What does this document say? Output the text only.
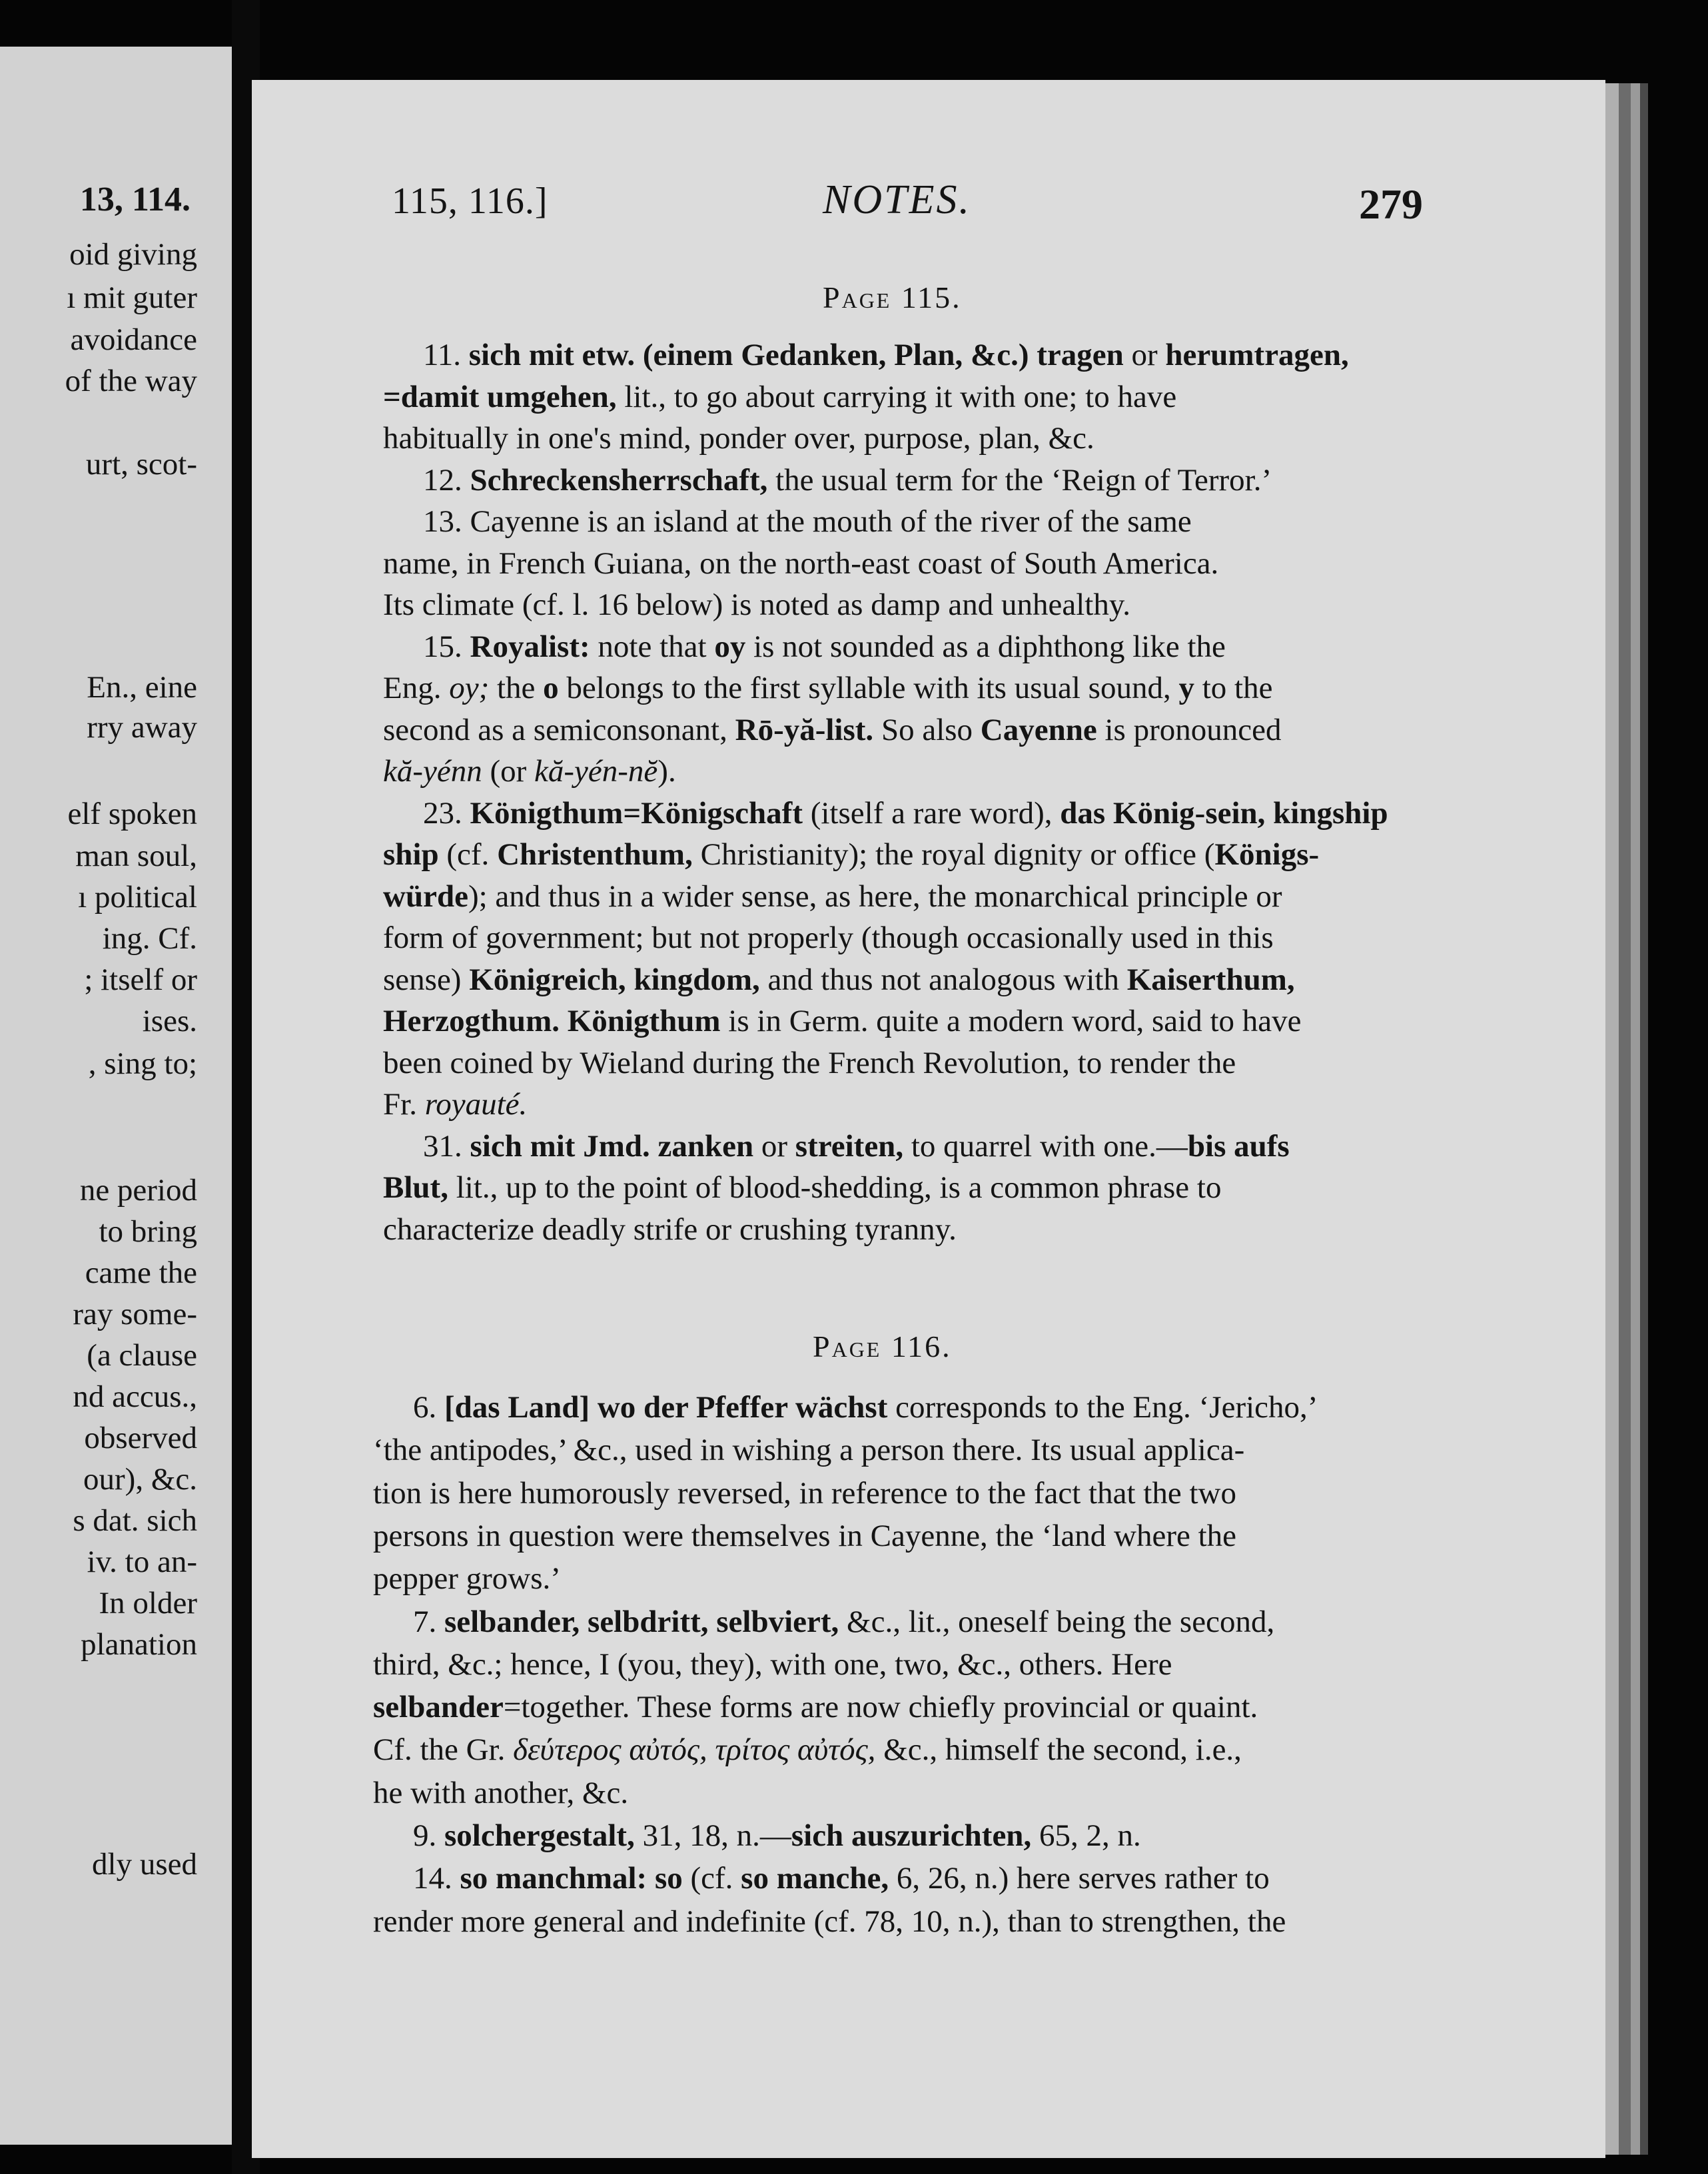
13, 114.
oid giving
ı mit guter
avoidance
of the way
urt, scot-
En., eine
rry away
elf spoken
man soul,
ı political
ing. Cf.
; itself or
ises.
, sing to;
ne period
to bring
came the
ray some-
(a clause
nd accus.,
observed
our), &c.
s dat. sich
iv. to an-
In older
planation
dly used
115, 116.]	NOTES.	279
Page 115.
11. sich mit etw. (einem Gedanken, Plan, &c.) tragen or herumtragen,
=damit umgehen, lit., to go about carrying it with one; to have
habitually in one's mind, ponder over, purpose, plan, &c.
12. Schreckensherrschaft, the usual term for the ‘Reign of Terror.’
13. Cayenne is an island at the mouth of the river of the same
name, in French Guiana, on the north-east coast of South America.
Its climate (cf. l. 16 below) is noted as damp and unhealthy.
15. Royalist: note that oy is not sounded as a diphthong like the
Eng. oy; the o belongs to the first syllable with its usual sound, y to the
second as a semiconsonant, Rō-yă-list. So also Cayenne is pronounced
kă-yénn (or kă-yén-nĕ).
23. Königthum=Königschaft (itself a rare word), das König-sein, kingship
ship (cf. Christenthum, Christianity); the royal dignity or office (Königs-
würde); and thus in a wider sense, as here, the monarchical principle or
form of government; but not properly (though occasionally used in this
sense) Königreich, kingdom, and thus not analogous with Kaiserthum,
Herzogthum. Königthum is in Germ. quite a modern word, said to have
been coined by Wieland during the French Revolution, to render the
Fr. royauté.
31. sich mit Jmd. zanken or streiten, to quarrel with one.—bis aufs
Blut, lit., up to the point of blood-shedding, is a common phrase to
characterize deadly strife or crushing tyranny.
Page 116.
6. [das Land] wo der Pfeffer wächst corresponds to the Eng. ‘Jericho,’
‘the antipodes,’ &c., used in wishing a person there. Its usual applica-
tion is here humorously reversed, in reference to the fact that the two
persons in question were themselves in Cayenne, the ‘land where the
pepper grows.’
7. selbander, selbdritt, selbviert, &c., lit., oneself being the second,
third, &c.; hence, I (you, they), with one, two, &c., others. Here
selbander=together. These forms are now chiefly provincial or quaint.
Cf. the Gr. δεύτερος αὐτός, τρίτος αὐτός, &c., himself the second, i.e.,
he with another, &c.
9. solchergestalt, 31, 18, n.—sich auszurichten, 65, 2, n.
14. so manchmal: so (cf. so manche, 6, 26, n.) here serves rather to
render more general and indefinite (cf. 78, 10, n.), than to strengthen, the
